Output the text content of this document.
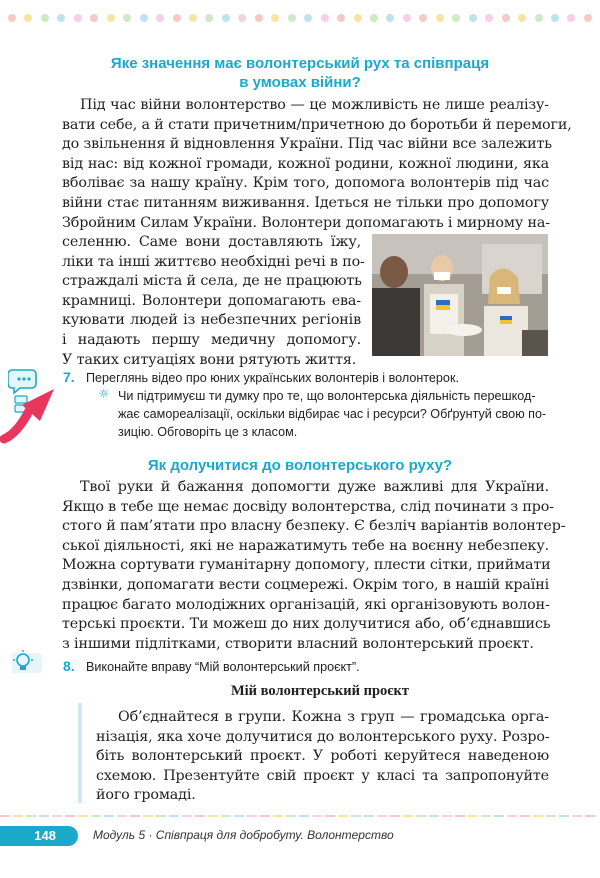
Яке значення має волонтерський рух та співпраця
в умовах війни?
Під час війни волонтерство — це можливість не лише реалізу-
вати себе, а й стати причетним/причетною до боротьби й перемоги,
до звільнення й відновлення України. Під час війни все залежить
від нас: від кожної громади, кожної родини, кожної людини, яка
вболіває за нашу країну. Крім того, допомога волонтерів під час
війни стає питанням виживання. Ідеться не тільки про допомогу
Збройним Силам України. Волонтери допомагають і мирному на-
селенню. Саме вони доставляють їжу,
ліки та інші життєво необхідні речі в по-
страждалі міста й села, де не працюють
крамниці. Волонтери допомагають ева-
куювати людей із небезпечних регіонів
і надають першу медичну допомогу.
У таких ситуаціях вони рятують життя.
7. Переглянь відео про юних українських волонтерів і волонтерок.
☼ Чи підтримуєш ти думку про те, що волонтерська діяльність перешкод-
жає самореалізації, оскільки відбирає час і ресурси? Обґрунтуй свою по-
зицію. Обговоріть це з класом.
Як долучитися до волонтерського руху?
Твої руки й бажання допомогти дуже важливі для України.
Якщо в тебе ще немає досвіду волонтерства, слід починати з про-
стого й пам’ятати про власну безпеку. Є безліч варіантів волонтер-
ської діяльності, які не наражатимуть тебе на воєнну небезпеку.
Можна сортувати гуманітарну допомогу, плести сітки, приймати
дзвінки, допомагати вести соцмережі. Окрім того, в нашій країні
працює багато молодіжних організацій, які організовують волон-
терські проєкти. Ти можеш до них долучитися або, об’єднавшись
з іншими підлітками, створити власний волонтерський проєкт.
8. Виконайте вправу “Мій волонтерський проєкт”.
Мій волонтерський проєкт
Об’єднайтеся в групи. Кожна з груп — громадська орга-
нізація, яка хоче долучитися до волонтерського руху. Розро-
біть волонтерський проєкт. У роботі керуйтеся наведеною
схемою. Презентуйте свій проєкт у класі та запропонуйте
його громаді.
148	Модуль 5 · Співпраця для добробуту. Волонтерство
